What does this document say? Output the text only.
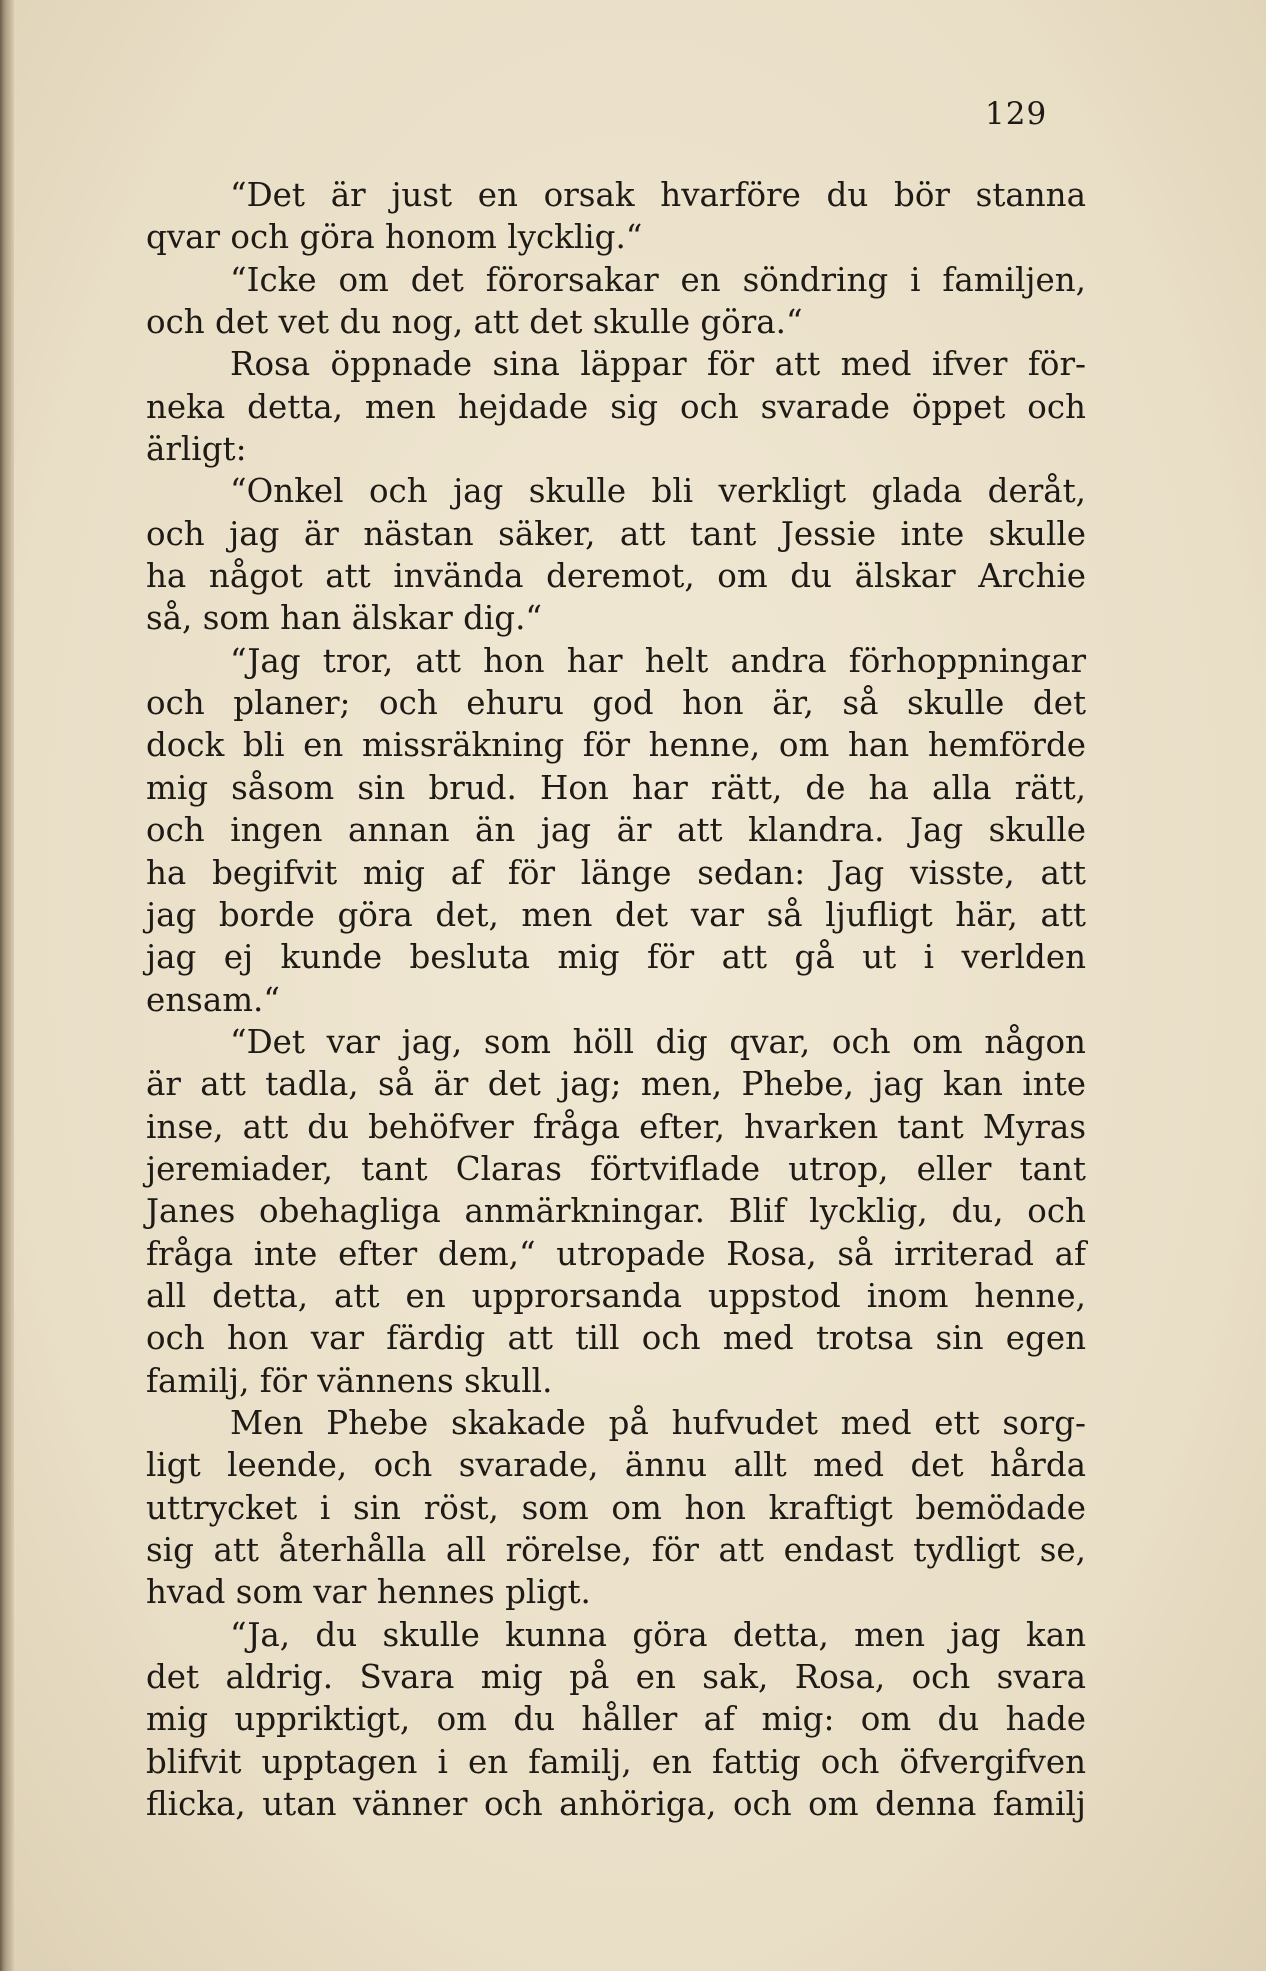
129
“Det är just en orsak hvarföre du bör stanna
qvar och göra honom lycklig.“
“Icke om det förorsakar en söndring i familjen,
och det vet du nog, att det skulle göra.“
Rosa öppnade sina läppar för att med ifver för-
neka detta, men hejdade sig och svarade öppet och
ärligt:
“Onkel och jag skulle bli verkligt glada deråt,
och jag är nästan säker, att tant Jessie inte skulle
ha något att invända deremot, om du älskar Archie
så, som han älskar dig.“
“Jag tror, att hon har helt andra förhoppningar
och planer; och ehuru god hon är, så skulle det
dock bli en missräkning för henne, om han hemförde
mig såsom sin brud. Hon har rätt, de ha alla rätt,
och ingen annan än jag är att klandra. Jag skulle
ha begifvit mig af för länge sedan: Jag visste, att
jag borde göra det, men det var så ljufligt här, att
jag ej kunde besluta mig för att gå ut i verlden
ensam.“
“Det var jag, som höll dig qvar, och om någon
är att tadla, så är det jag; men, Phebe, jag kan inte
inse, att du behöfver fråga efter, hvarken tant Myras
jeremiader, tant Claras förtviflade utrop, eller tant
Janes obehagliga anmärkningar. Blif lycklig, du, och
fråga inte efter dem,“ utropade Rosa, så irriterad af
all detta, att en upprorsanda uppstod inom henne,
och hon var färdig att till och med trotsa sin egen
familj, för vännens skull.
Men Phebe skakade på hufvudet med ett sorg-
ligt leende, och svarade, ännu allt med det hårda
uttrycket i sin röst, som om hon kraftigt bemödade
sig att återhålla all rörelse, för att endast tydligt se,
hvad som var hennes pligt.
“Ja, du skulle kunna göra detta, men jag kan
det aldrig. Svara mig på en sak, Rosa, och svara
mig uppriktigt, om du håller af mig: om du hade
blifvit upptagen i en familj, en fattig och öfvergifven
flicka, utan vänner och anhöriga, och om denna familj
